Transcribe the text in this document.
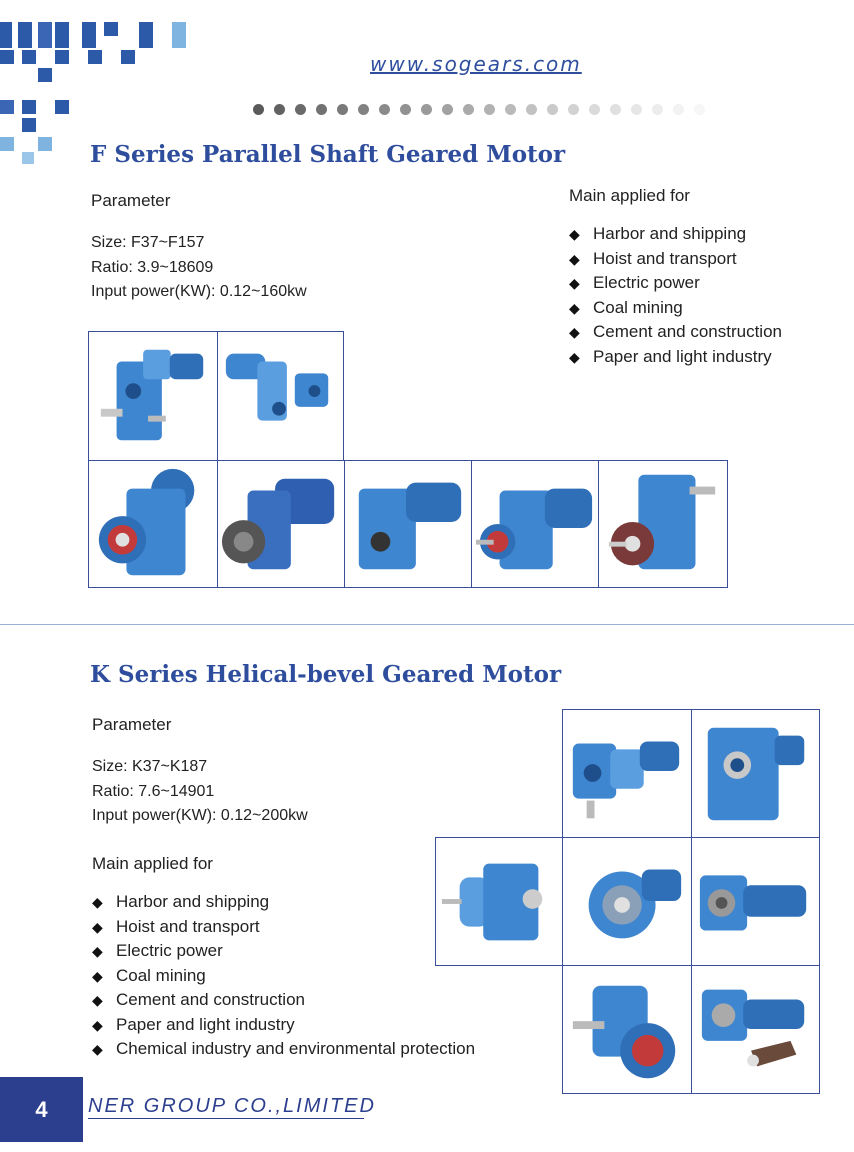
www.sogears.com
F Series Parallel Shaft Geared Motor
Parameter
Size: F37~F157
Ratio: 3.9~18609
Input power(KW): 0.12~160kw
Main applied for
◆ Harbor and shipping
◆ Hoist and transport
◆ Electric power
◆ Coal mining
◆ Cement and construction
◆ Paper and light industry
K Series Helical-bevel Geared Motor
Parameter
Size: K37~K187
Ratio: 7.6~14901
Input power(KW): 0.12~200kw
Main applied for
◆ Harbor and shipping
◆ Hoist and transport
◆ Electric power
◆ Coal mining
◆ Cement and construction
◆ Paper and light industry
◆ Chemical industry and environmental protection
4	NER GROUP CO.,LIMITED
